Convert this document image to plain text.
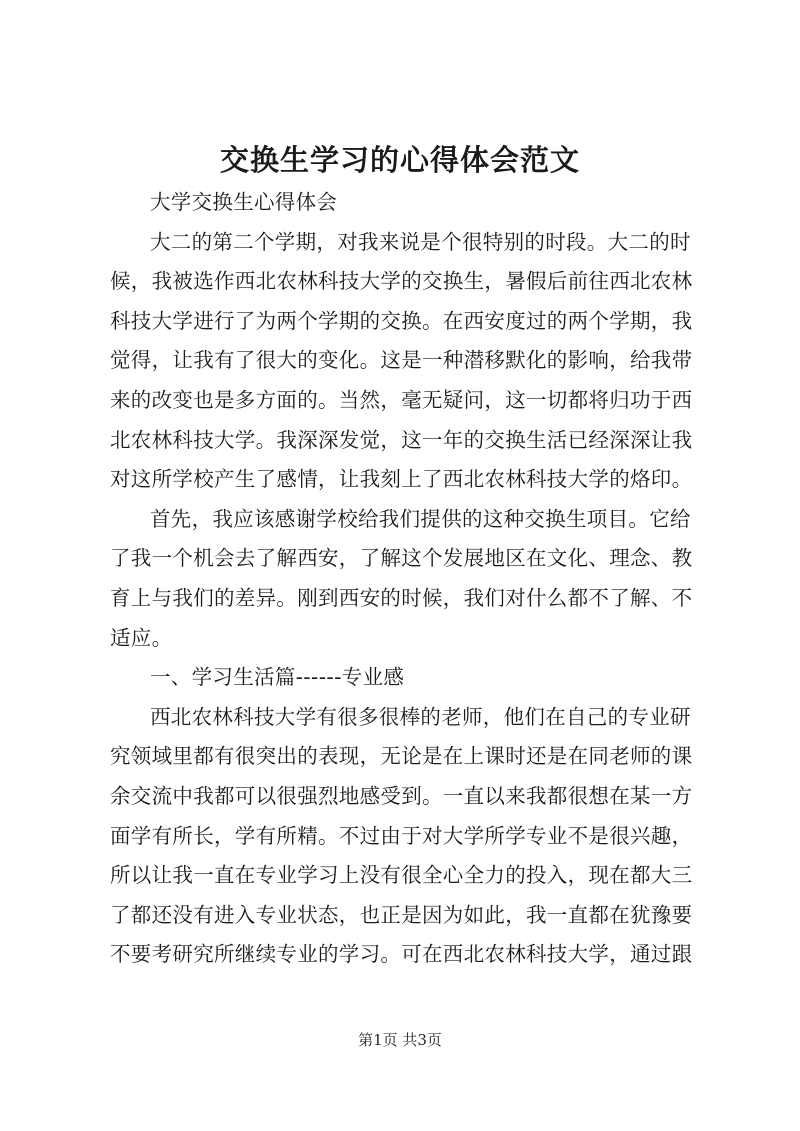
交换生学习的心得体会范文
大学交换生心得体会
大二的第二个学期，对我来说是个很特别的时段。大二的时
候，我被选作西北农林科技大学的交换生，暑假后前往西北农林
科技大学进行了为两个学期的交换。在西安度过的两个学期，我
觉得，让我有了很大的变化。这是一种潜移默化的影响，给我带
来的改变也是多方面的。当然，毫无疑问，这一切都将归功于西
北农林科技大学。我深深发觉，这一年的交换生活已经深深让我
对这所学校产生了感情，让我刻上了西北农林科技大学的烙印。
首先，我应该感谢学校给我们提供的这种交换生项目。它给
了我一个机会去了解西安，了解这个发展地区在文化、理念、教
育上与我们的差异。刚到西安的时候，我们对什么都不了解、不
适应。
一、学习生活篇------专业感
西北农林科技大学有很多很棒的老师，他们在自己的专业研
究领域里都有很突出的表现，无论是在上课时还是在同老师的课
余交流中我都可以很强烈地感受到。一直以来我都很想在某一方
面学有所长，学有所精。不过由于对大学所学专业不是很兴趣，
所以让我一直在专业学习上没有很全心全力的投入，现在都大三
了都还没有进入专业状态，也正是因为如此，我一直都在犹豫要
不要考研究所继续专业的学习。可在西北农林科技大学，通过跟
第1页 共3页
